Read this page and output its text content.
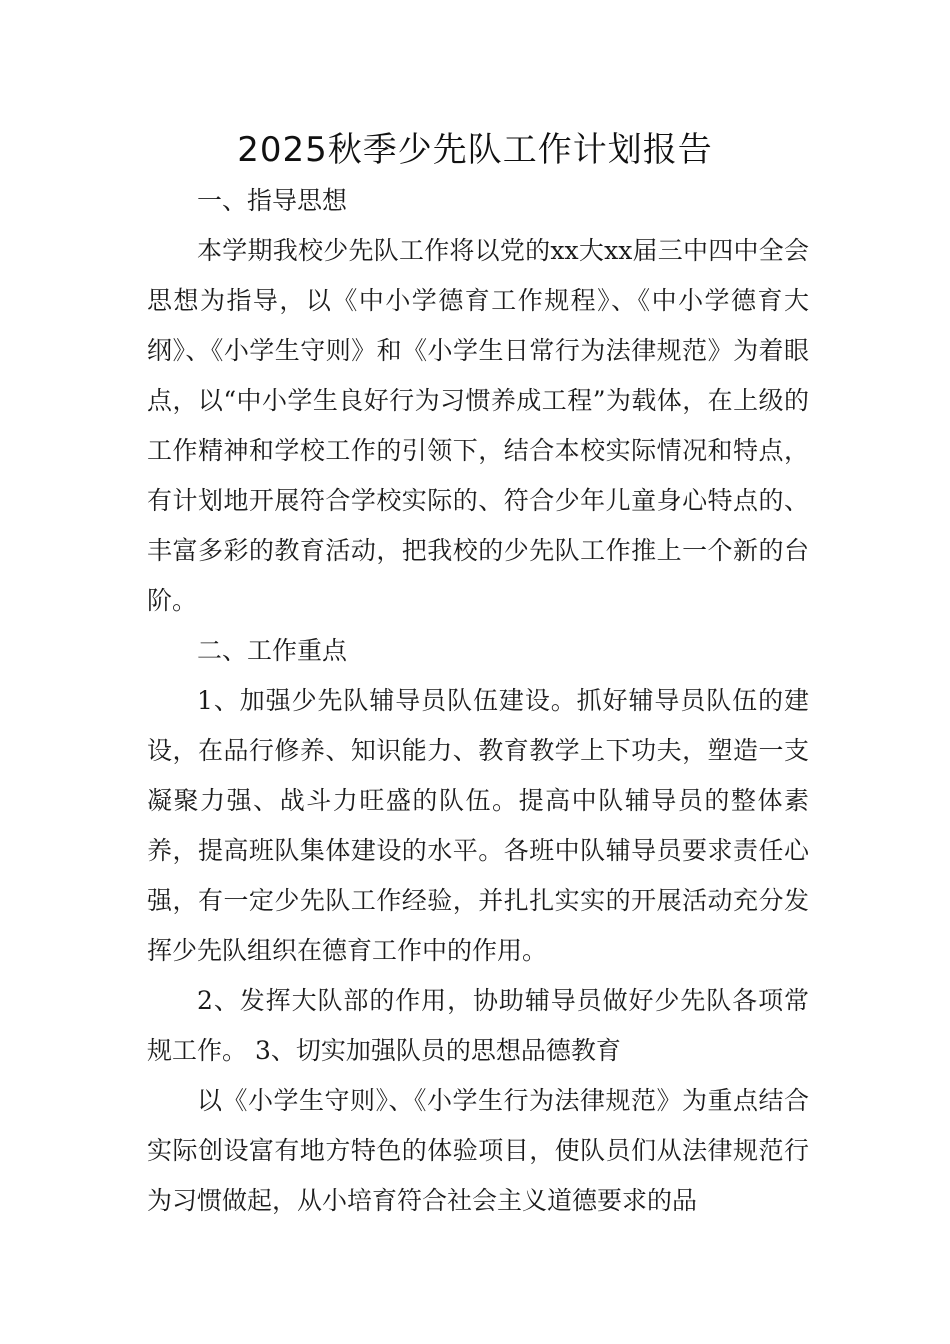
2025秋季少先队工作计划报告

一、指导思想

本学期我校少先队工作将以党的xx大xx届三中四中全会思想为指导，以《中小学德育工作规程》、《中小学德育大纲》、《小学生守则》和《小学生日常行为法律规范》为着眼点，以“中小学生良好行为习惯养成工程”为载体，在上级的工作精神和学校工作的引领下，结合本校实际情况和特点，有计划地开展符合学校实际的、符合少年儿童身心特点的、丰富多彩的教育活动，把我校的少先队工作推上一个新的台阶。

二、工作重点

1、加强少先队辅导员队伍建设。抓好辅导员队伍的建设，在品行修养、知识能力、教育教学上下功夫，塑造一支凝聚力强、战斗力旺盛的队伍。提高中队辅导员的整体素养，提高班队集体建设的水平。各班中队辅导员要求责任心强，有一定少先队工作经验，并扎扎实实的开展活动充分发挥少先队组织在德育工作中的作用。

2、发挥大队部的作用，协助辅导员做好少先队各项常规工作。 3、切实加强队员的思想品德教育

以《小学生守则》、《小学生行为法律规范》为重点结合实际创设富有地方特色的体验项目，使队员们从法律规范行为习惯做起，从小培育符合社会主义道德要求的品
